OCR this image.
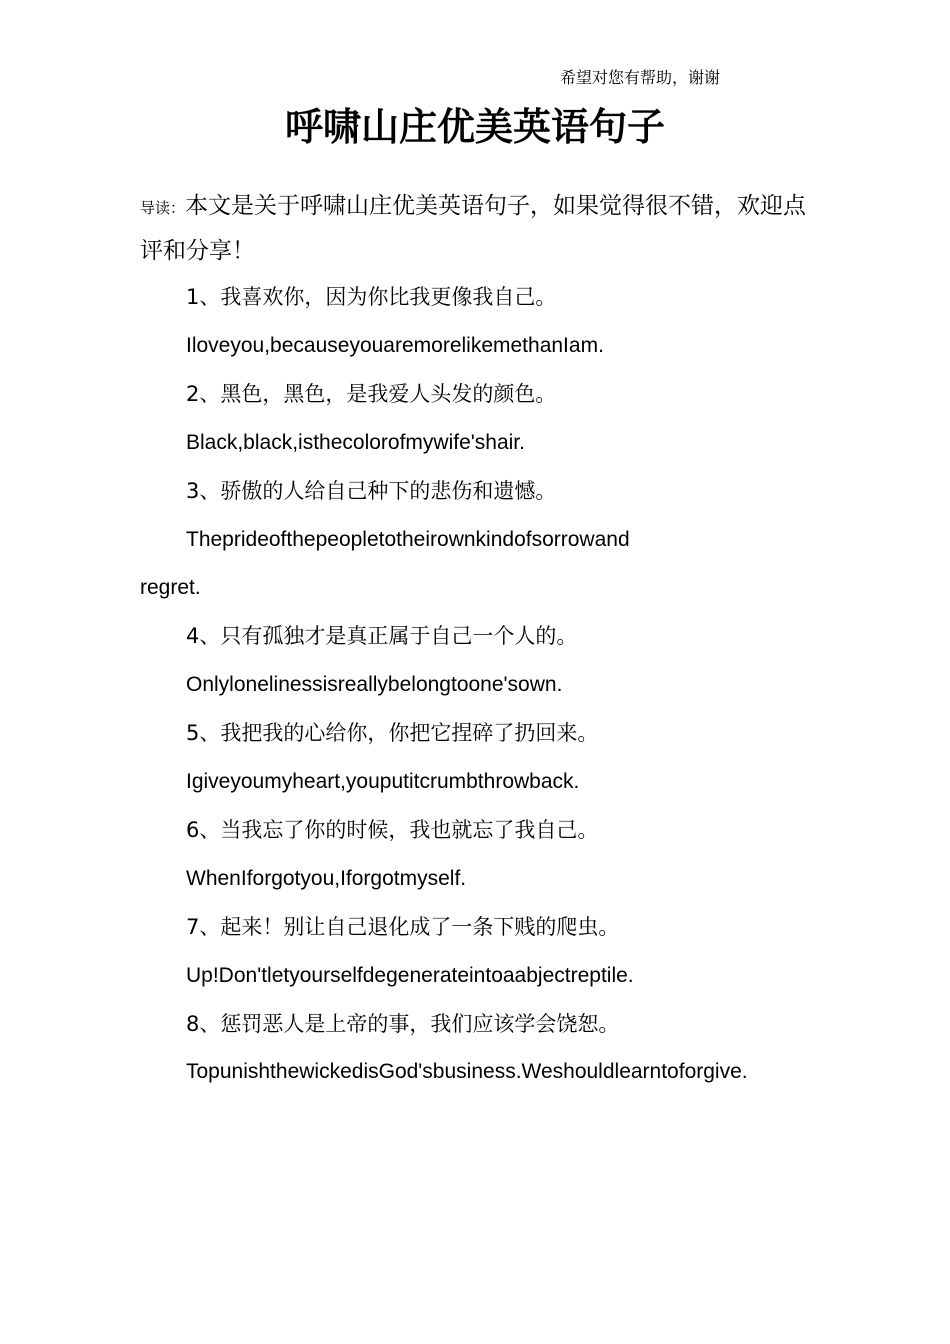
希望对您有帮助，谢谢
呼啸山庄优美英语句子
导读：本文是关于呼啸山庄优美英语句子，如果觉得很不错，欢迎点评和分享！
1、我喜欢你，因为你比我更像我自己。
Iloveyou,becauseyouaremorelikemethanIam.
2、黑色，黑色，是我爱人头发的颜色。
Black,black,isthecolorofmywife'shair.
3、骄傲的人给自己种下的悲伤和遗憾。
Theprideofthepeopletotheirownkindofsorrowand
regret.
4、只有孤独才是真正属于自己一个人的。
Onlylonelinessisreallybelongtoone'sown.
5、我把我的心给你，你把它捏碎了扔回来。
Igiveyoumyheart,youputitcrumbthrowback.
6、当我忘了你的时候，我也就忘了我自己。
WhenIforgotyou,Iforgotmyself.
7、起来！别让自己退化成了一条下贱的爬虫。
Up!Don'tletyourselfdegenerateintoaabjectreptile.
8、惩罚恶人是上帝的事，我们应该学会饶恕。
TopunishthewickedisGod'sbusiness.Weshouldlearntoforgive.
